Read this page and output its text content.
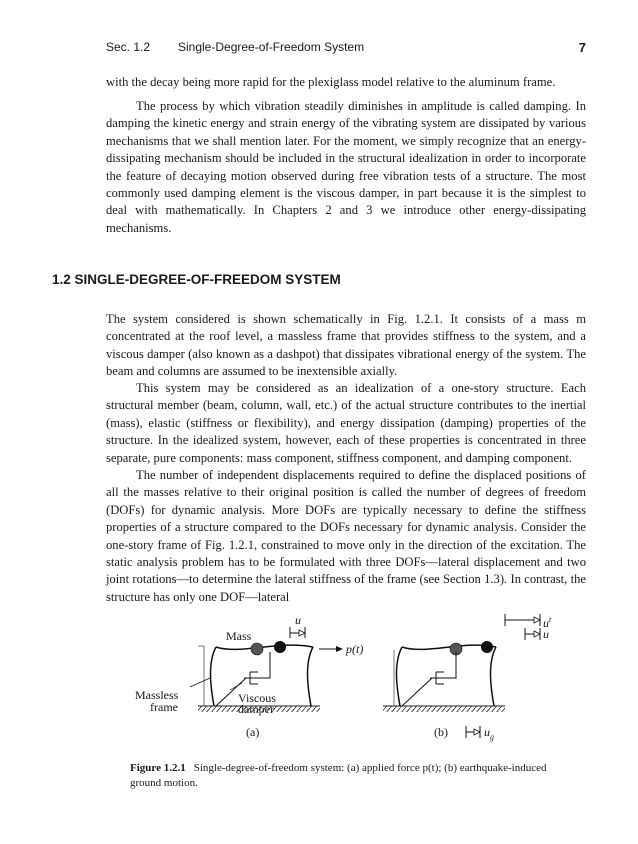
Sec. 1.2 Single-Degree-of-Freedom System	7

with the decay being more rapid for the plexiglass model relative to the aluminum frame.

The process by which vibration steadily diminishes in amplitude is called damping. In damping the kinetic energy and strain energy of the vibrating system are dissipated by various mechanisms that we shall mention later. For the moment, we simply recognize that an energy-dissipating mechanism should be included in the structural idealization in order to incorporate the feature of decaying motion observed during free vibration tests of a structure. The most commonly used damping element is the viscous damper, in part because it is the simplest to deal with mathematically. In Chapters 2 and 3 we introduce other energy-dissipating mechanisms.

1.2 SINGLE-DEGREE-OF-FREEDOM SYSTEM

The system considered is shown schematically in Fig. 1.2.1. It consists of a mass m concentrated at the roof level, a massless frame that provides stiffness to the system, and a viscous damper (also known as a dashpot) that dissipates vibrational energy of the system. The beam and columns are assumed to be inextensible axially.

This system may be considered as an idealization of a one-story structure. Each structural member (beam, column, wall, etc.) of the actual structure contributes to the inertial (mass), elastic (stiffness or flexibility), and energy dissipation (damping) properties of the structure. In the idealized system, however, each of these properties is concentrated in three separate, pure components: mass component, stiffness component, and damping component.

The number of independent displacements required to define the displaced positions of all the masses relative to their original position is called the number of degrees of freedom (DOFs) for dynamic analysis. More DOFs are typically necessary to define the stiffness properties of a structure compared to the DOFs necessary for dynamic analysis. Consider the one-story frame of Fig. 1.2.1, constrained to move only in the direction of the excitation. The static analysis problem has to be formulated with three DOFs—lateral displacement and two joint rotations—to determine the lateral stiffness of the frame (see Section 1.3). In contrast, the structure has only one DOF—lateral

Mass
u
p(t)
Massless
frame
Viscous
damper
(a)	(b)
$u^t$
u
$u_g$
Figure 1.2.1 Single-degree-of-freedom system: (a) applied force p(t); (b) earthquake-induced ground motion.
